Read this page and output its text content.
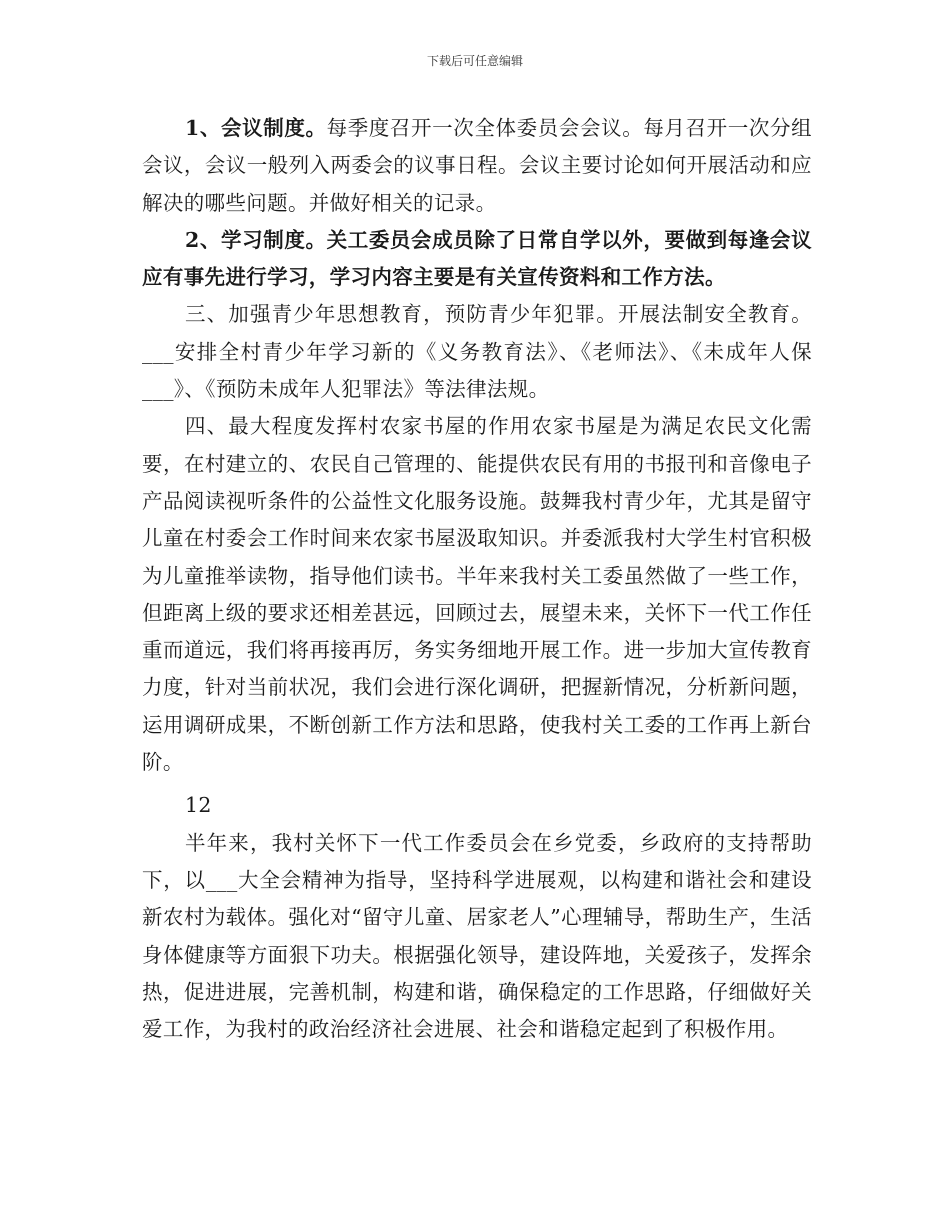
下载后可任意编辑

1、会议制度。每季度召开一次全体委员会会议。每月召开一次分组会议，会议一般列入两委会的议事日程。会议主要讨论如何开展活动和应解决的哪些问题。并做好相关的记录。

2、学习制度。关工委员会成员除了日常自学以外，要做到每逢会议应有事先进行学习，学习内容主要是有关宣传资料和工作方法。

三、加强青少年思想教育，预防青少年犯罪。开展法制安全教育。___安排全村青少年学习新的《义务教育法》、《老师法》、《未成年人保___》、《预防未成年人犯罪法》等法律法规。

四、最大程度发挥村农家书屋的作用农家书屋是为满足农民文化需要，在村建立的、农民自己管理的、能提供农民有用的书报刊和音像电子产品阅读视听条件的公益性文化服务设施。鼓舞我村青少年，尤其是留守儿童在村委会工作时间来农家书屋汲取知识。并委派我村大学生村官积极为儿童推举读物，指导他们读书。半年来我村关工委虽然做了一些工作，但距离上级的要求还相差甚远，回顾过去，展望未来，关怀下一代工作任重而道远，我们将再接再厉，务实务细地开展工作。进一步加大宣传教育力度，针对当前状况，我们会进行深化调研，把握新情况，分析新问题，运用调研成果，不断创新工作方法和思路，使我村关工委的工作再上新台阶。

12

半年来，我村关怀下一代工作委员会在乡党委，乡政府的支持帮助下，以___大全会精神为指导，坚持科学进展观，以构建和谐社会和建设新农村为载体。强化对“留守儿童、居家老人”心理辅导，帮助生产，生活身体健康等方面狠下功夫。根据强化领导，建设阵地，关爱孩子，发挥余热，促进进展，完善机制，构建和谐，确保稳定的工作思路，仔细做好关爱工作，为我村的政治经济社会进展、社会和谐稳定起到了积极作用。
